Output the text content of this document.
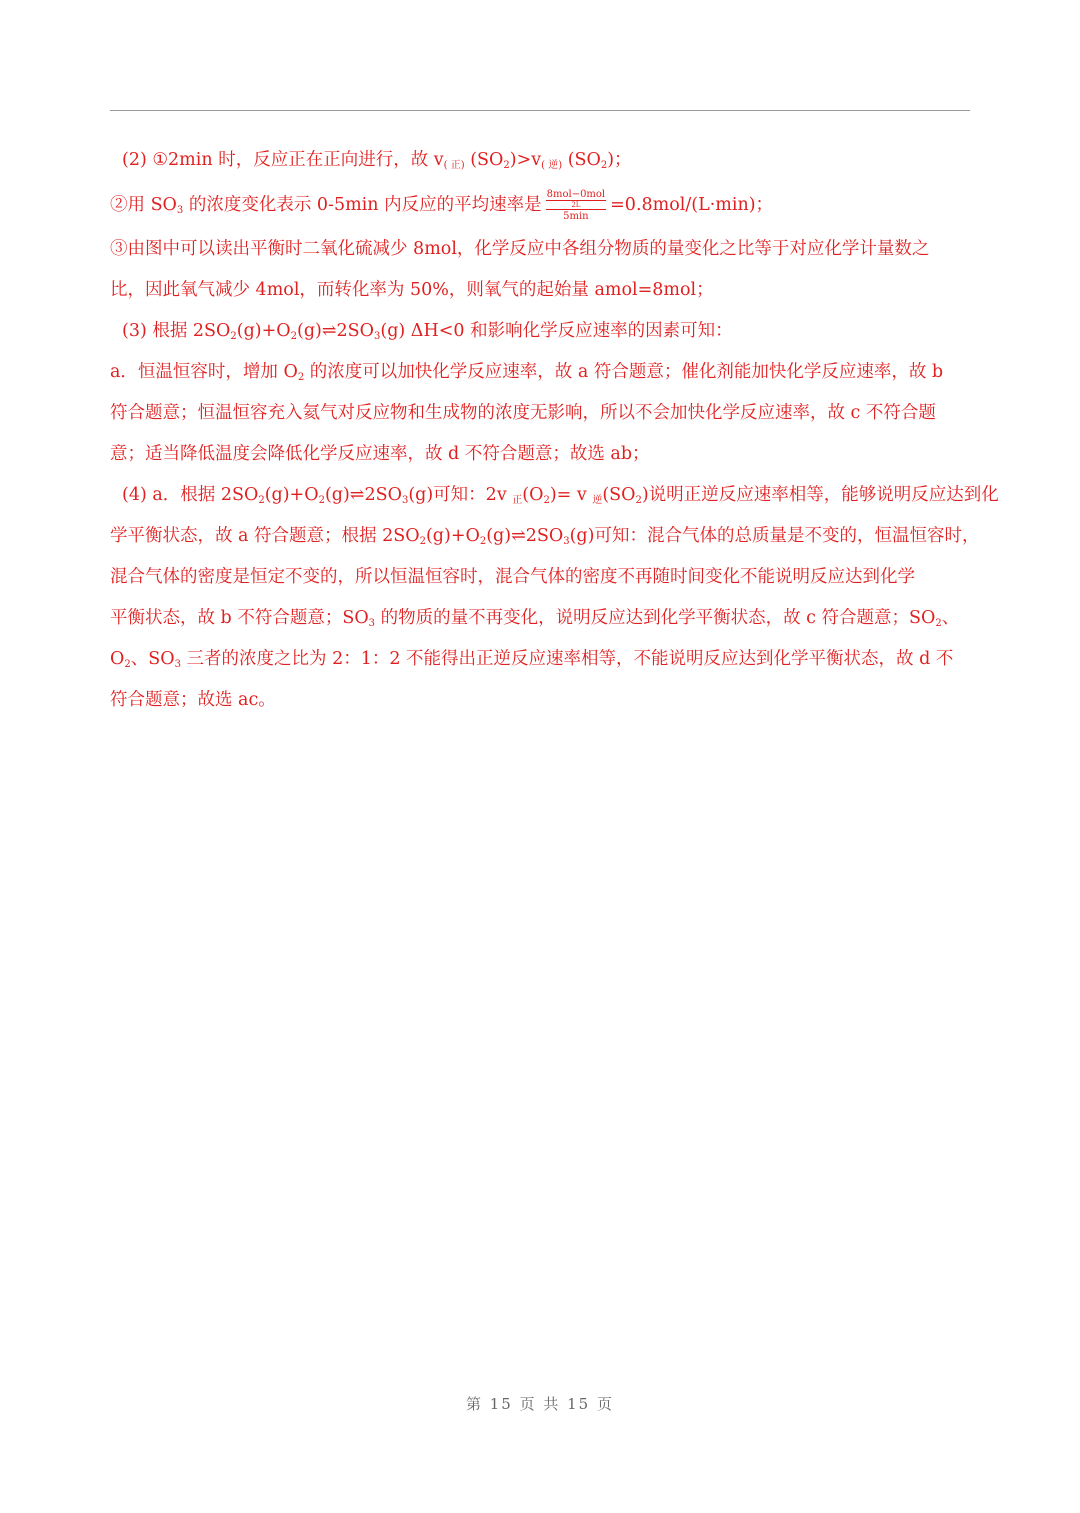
(2) ①2min 时，反应正在正向进行，故 v( 正) $(SO_2)>v$( 逆) $(SO_2)$；
②用 $SO_3$ 的浓度变化表示 0-5min 内反应的平均速率是
8mol−0mol
2L
5min
=0.8mol/(L·min)；
③由图中可以读出平衡时二氧化硫减少 8mol，化学反应中各组分物质的量变化之比等于对应化学计量数之
比，因此氧气减少 4mol，而转化率为 50%，则氧气的起始量 amol=8mol；
(3) 根据 $2SO_2(g)+O_2(g)\rightleftharpoons 2SO_3(g)$ ΔH<0 和影响化学反应速率的因素可知：
a．恒温恒容时，增加 $O_2$ 的浓度可以加快化学反应速率，故 a 符合题意；催化剂能加快化学反应速率，故 b
符合题意；恒温恒容充入氦气对反应物和生成物的浓度无影响，所以不会加快化学反应速率，故 c 不符合题
意；适当降低温度会降低化学反应速率，故 d 不符合题意；故选 ab；
(4) a．根据 $2SO_2(g)+O_2(g)\rightleftharpoons 2SO_3(g)$可知：2v $_正(O_2)= v$ $_逆(SO_2)$说明正逆反应速率相等，能够说明反应达到化
学平衡状态，故 a 符合题意；根据 $2SO_2(g)+O_2(g)\rightleftharpoons 2SO_3(g)$可知：混合气体的总质量是不变的，恒温恒容时，
混合气体的密度是恒定不变的，所以恒温恒容时，混合气体的密度不再随时间变化不能说明反应达到化学
平衡状态，故 b 不符合题意；$SO_3$ 的物质的量不再变化，说明反应达到化学平衡状态，故 c 符合题意；$SO_2$、
$O_2$、$SO_3$ 三者的浓度之比为 2：1：2 不能得出正逆反应速率相等，不能说明反应达到化学平衡状态，故 d 不
符合题意；故选 ac。
第 15 页 共 15 页
